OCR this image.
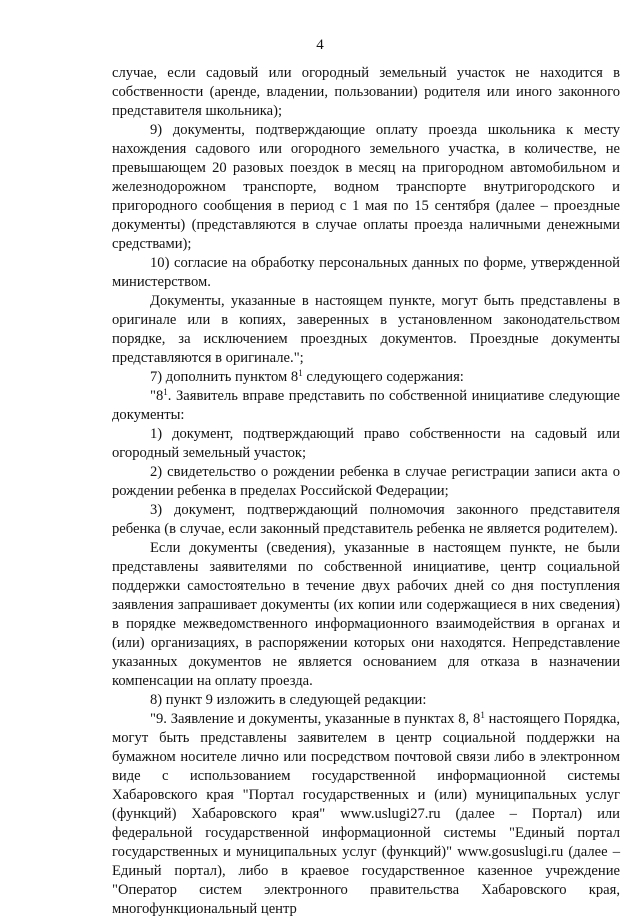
4

случае, если садовый или огородный земельный участок не находится в собственности (аренде, владении, пользовании) родителя или иного законного представителя школьника);

9) документы, подтверждающие оплату проезда школьника к месту нахождения садового или огородного земельного участка, в количестве, не превышающем 20 разовых поездок в месяц на пригородном автомобильном и железнодорожном транспорте, водном транспорте внутригородского и пригородного сообщения в период с 1 мая по 15 сентября (далее – проездные документы) (представляются в случае оплаты проезда наличными денежными средствами);

10) согласие на обработку персональных данных по форме, утвержденной министерством.

Документы, указанные в настоящем пункте, могут быть представлены в оригинале или в копиях, заверенных в установленном законодательством порядке, за исключением проездных документов. Проездные документы представляются в оригинале.";

7) дополнить пунктом $8^1$ следующего содержания:

"$8^1$. Заявитель вправе представить по собственной инициативе следующие документы:

1) документ, подтверждающий право собственности на садовый или огородный земельный участок;

2) свидетельство о рождении ребенка в случае регистрации записи акта о рождении ребенка в пределах Российской Федерации;

3) документ, подтверждающий полномочия законного представителя ребенка (в случае, если законный представитель ребенка не является родителем).

Если документы (сведения), указанные в настоящем пункте, не были представлены заявителями по собственной инициативе, центр социальной поддержки самостоятельно в течение двух рабочих дней со дня поступления заявления запрашивает документы (их копии или содержащиеся в них сведения) в порядке межведомственного информационного взаимодействия в органах и (или) организациях, в распоряжении которых они находятся. Непредставление указанных документов не является основанием для отказа в назначении компенсации на оплату проезда.

8) пункт 9 изложить в следующей редакции:

"9. Заявление и документы, указанные в пунктах 8, $8^1$ настоящего Порядка, могут быть представлены заявителем в центр социальной поддержки на бумажном носителе лично или посредством почтовой связи либо в электронном виде с использованием государственной информационной системы Хабаровского края "Портал государственных и (или) муниципальных услуг (функций) Хабаровского края" www.uslugi27.ru (далее – Портал) или федеральной государственной информационной системы "Единый портал государственных и муниципальных услуг (функций)" www.gosuslugi.ru (далее – Единый портал), либо в краевое государственное казенное учреждение "Оператор систем электронного правительства Хабаровского края, многофункциональный центр
